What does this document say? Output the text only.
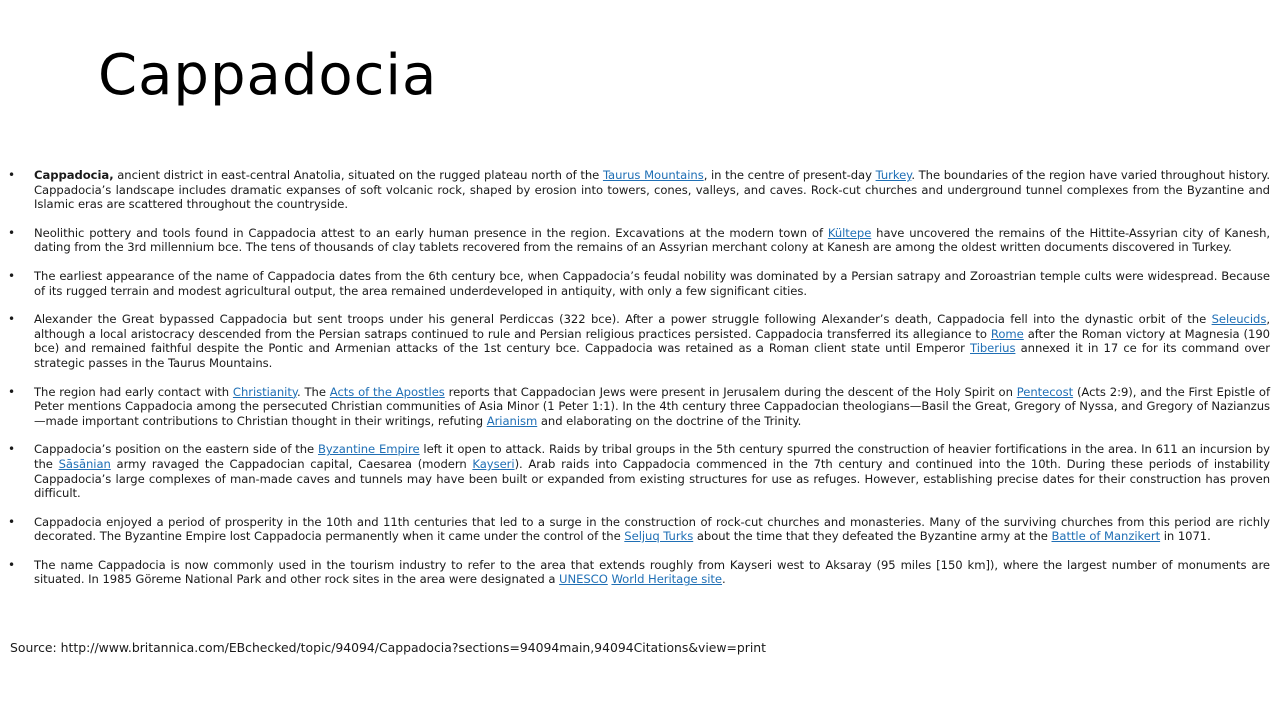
Cappadocia
• Cappadocia, ancient district in east-central Anatolia, situated on the rugged plateau north of the Taurus Mountains, in the centre of present-day Turkey. The boundaries of the region have varied throughout history. Cappadocia’s landscape includes dramatic expanses of soft volcanic rock, shaped by erosion into towers, cones, valleys, and caves. Rock-cut churches and underground tunnel complexes from the Byzantine and Islamic eras are scattered throughout the countryside.
• Neolithic pottery and tools found in Cappadocia attest to an early human presence in the region. Excavations at the modern town of Kültepe have uncovered the remains of the Hittite-Assyrian city of Kanesh, dating from the 3rd millennium bce. The tens of thousands of clay tablets recovered from the remains of an Assyrian merchant colony at Kanesh are among the oldest written documents discovered in Turkey.
• The earliest appearance of the name of Cappadocia dates from the 6th century bce, when Cappadocia’s feudal nobility was dominated by a Persian satrapy and Zoroastrian temple cults were widespread. Because of its rugged terrain and modest agricultural output, the area remained underdeveloped in antiquity, with only a few significant cities.
• Alexander the Great bypassed Cappadocia but sent troops under his general Perdiccas (322 bce). After a power struggle following Alexander’s death, Cappadocia fell into the dynastic orbit of the Seleucids, although a local aristocracy descended from the Persian satraps continued to rule and Persian religious practices persisted. Cappadocia transferred its allegiance to Rome after the Roman victory at Magnesia (190 bce) and remained faithful despite the Pontic and Armenian attacks of the 1st century bce. Cappadocia was retained as a Roman client state until Emperor Tiberius annexed it in 17 ce for its command over strategic passes in the Taurus Mountains.
• The region had early contact with Christianity. The Acts of the Apostles reports that Cappadocian Jews were present in Jerusalem during the descent of the Holy Spirit on Pentecost (Acts 2:9), and the First Epistle of Peter mentions Cappadocia among the persecuted Christian communities of Asia Minor (1 Peter 1:1). In the 4th century three Cappadocian theologians—Basil the Great, Gregory of Nyssa, and Gregory of Nazianzus—made important contributions to Christian thought in their writings, refuting Arianism and elaborating on the doctrine of the Trinity.
• Cappadocia’s position on the eastern side of the Byzantine Empire left it open to attack. Raids by tribal groups in the 5th century spurred the construction of heavier fortifications in the area. In 611 an incursion by the Sāsānian army ravaged the Cappadocian capital, Caesarea (modern Kayseri). Arab raids into Cappadocia commenced in the 7th century and continued into the 10th. During these periods of instability Cappadocia’s large complexes of man-made caves and tunnels may have been built or expanded from existing structures for use as refuges. However, establishing precise dates for their construction has proven difficult.
• Cappadocia enjoyed a period of prosperity in the 10th and 11th centuries that led to a surge in the construction of rock-cut churches and monasteries. Many of the surviving churches from this period are richly decorated. The Byzantine Empire lost Cappadocia permanently when it came under the control of the Seljuq Turks about the time that they defeated the Byzantine army at the Battle of Manzikert in 1071.
• The name Cappadocia is now commonly used in the tourism industry to refer to the area that extends roughly from Kayseri west to Aksaray (95 miles [150 km]), where the largest number of monuments are situated. In 1985 Göreme National Park and other rock sites in the area were designated a UNESCO World Heritage site.

Source: http://www.britannica.com/EBchecked/topic/94094/Cappadocia?sections=94094main,94094Citations&view=print
